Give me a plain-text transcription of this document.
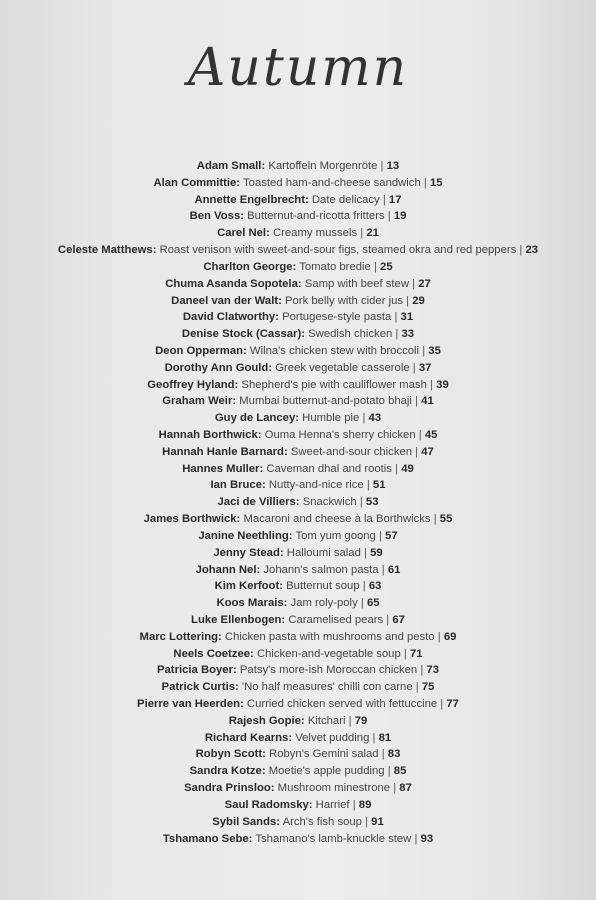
Autumn
Adam Small: Kartoffeln Morgenröte | 13
Alan Committie: Toasted ham-and-cheese sandwich | 15
Annette Engelbrecht: Date delicacy | 17
Ben Voss: Butternut-and-ricotta fritters | 19
Carel Nel: Creamy mussels | 21
Celeste Matthews: Roast venison with sweet-and-sour figs, steamed okra and red peppers | 23
Charlton George: Tomato bredie | 25
Chuma Asanda Sopotela: Samp with beef stew | 27
Daneel van der Walt: Pork belly with cider jus | 29
David Clatworthy: Portugese-style pasta | 31
Denise Stock (Cassar): Swedish chicken | 33
Deon Opperman: Wilna's chicken stew with broccoli | 35
Dorothy Ann Gould: Greek vegetable casserole | 37
Geoffrey Hyland: Shepherd's pie with cauliflower mash | 39
Graham Weir: Mumbai butternut-and-potato bhaji | 41
Guy de Lancey: Humble pie | 43
Hannah Borthwick: Ouma Henna's sherry chicken | 45
Hannah Hanle Barnard: Sweet-and-sour chicken | 47
Hannes Muller: Caveman dhal and rootis | 49
Ian Bruce: Nutty-and-nice rice | 51
Jaci de Villiers: Snackwich | 53
James Borthwick: Macaroni and cheese à la Borthwicks | 55
Janine Neethling: Tom yum goong | 57
Jenny Stead: Halloumi salad | 59
Johann Nel: Johann's salmon pasta | 61
Kim Kerfoot: Butternut soup | 63
Koos Marais: Jam roly-poly | 65
Luke Ellenbogen: Caramelised pears | 67
Marc Lottering: Chicken pasta with mushrooms and pesto | 69
Neels Coetzee: Chicken-and-vegetable soup | 71
Patricia Boyer: Patsy's more-ish Moroccan chicken | 73
Patrick Curtis: 'No half measures' chilli con carne | 75
Pierre van Heerden: Curried chicken served with fettuccine | 77
Rajesh Gopie: Kitchari | 79
Richard Kearns: Velvet pudding | 81
Robyn Scott: Robyn's Gemini salad | 83
Sandra Kotze: Moetie's apple pudding | 85
Sandra Prinsloo: Mushroom minestrone | 87
Saul Radomsky: Harrief | 89
Sybil Sands: Arch's fish soup | 91
Tshamano Sebe: Tshamano's lamb-knuckle stew | 93
